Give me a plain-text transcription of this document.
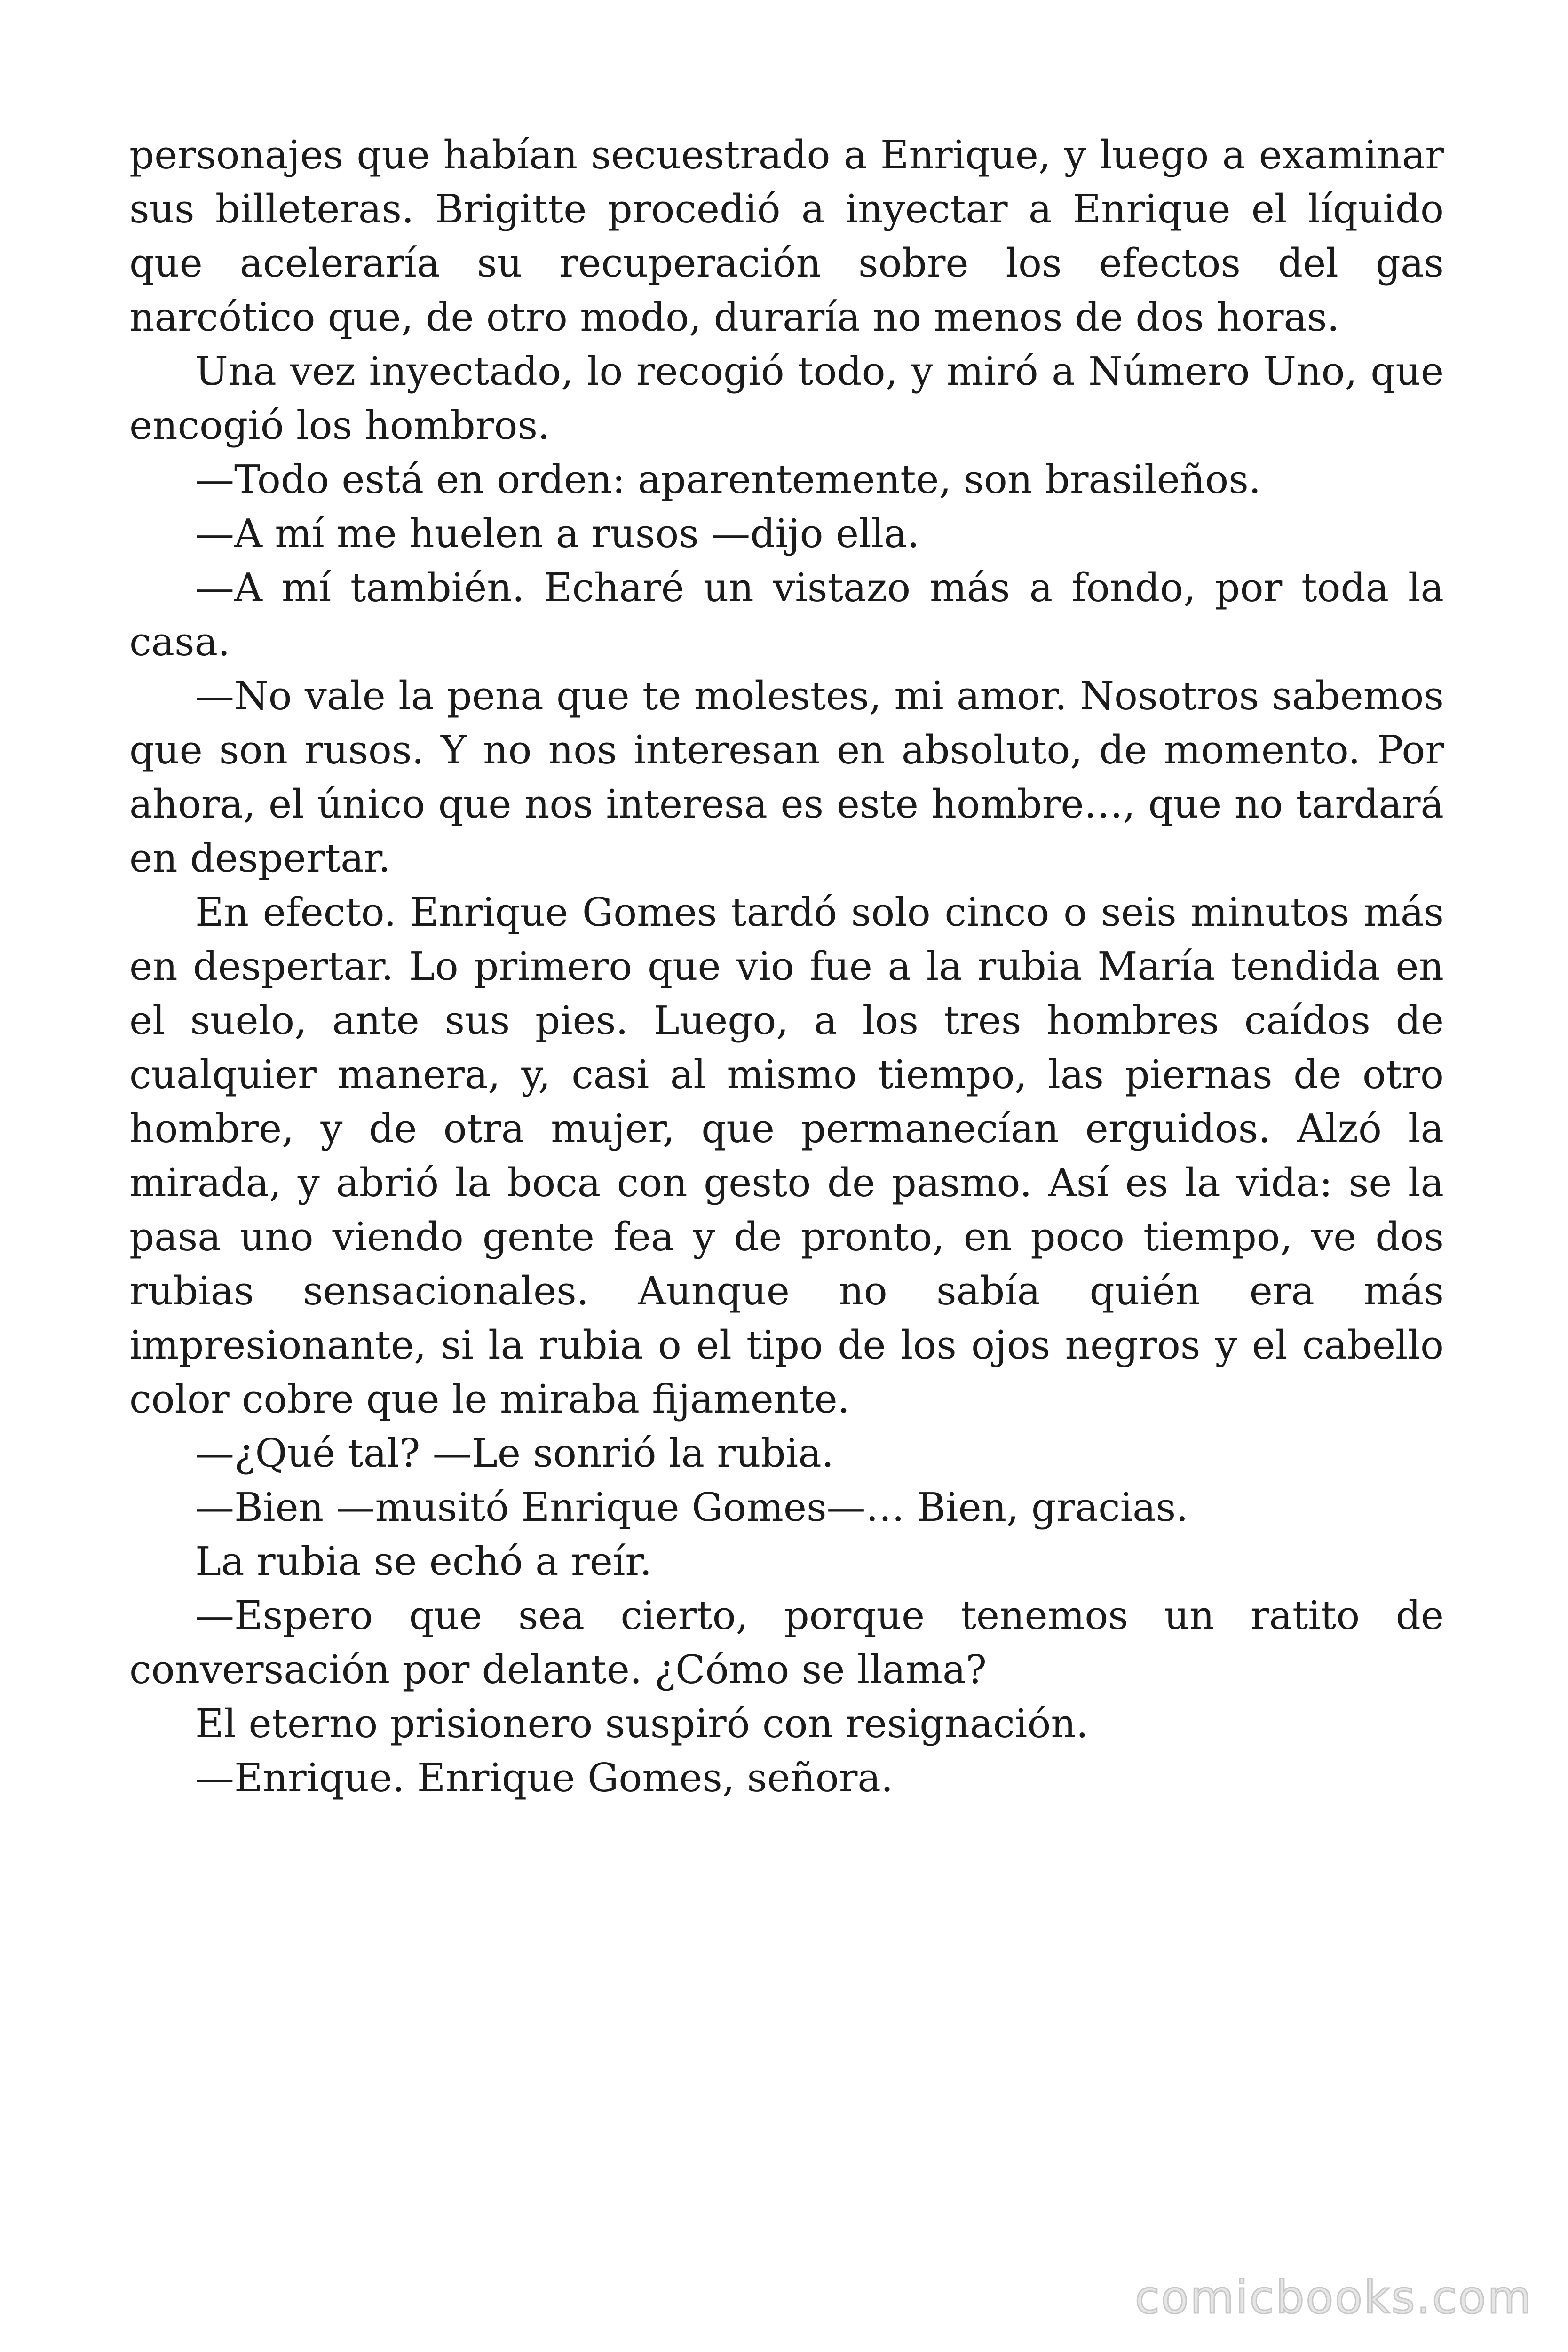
personajes que habían secuestrado a Enrique, y luego a examinar sus billeteras. Brigitte procedió a inyectar a Enrique el líquido que aceleraría su recuperación sobre los efectos del gas narcótico que, de otro modo, duraría no menos de dos horas.

Una vez inyectado, lo recogió todo, y miró a Número Uno, que encogió los hombros.

—Todo está en orden: aparentemente, son brasileños.

—A mí me huelen a rusos —dijo ella.

—A mí también. Echaré un vistazo más a fondo, por toda la casa.

—No vale la pena que te molestes, mi amor. Nosotros sabemos que son rusos. Y no nos interesan en absoluto, de momento. Por ahora, el único que nos interesa es este hombre…, que no tardará en despertar.

En efecto. Enrique Gomes tardó solo cinco o seis minutos más en despertar. Lo primero que vio fue a la rubia María tendida en el suelo, ante sus pies. Luego, a los tres hombres caídos de cualquier manera, y, casi al mismo tiempo, las piernas de otro hombre, y de otra mujer, que permanecían erguidos. Alzó la mirada, y abrió la boca con gesto de pasmo. Así es la vida: se la pasa uno viendo gente fea y de pronto, en poco tiempo, ve dos rubias sensacionales. Aunque no sabía quién era más impresionante, si la rubia o el tipo de los ojos negros y el cabello color cobre que le miraba fijamente.

—¿Qué tal? —Le sonrió la rubia.

—Bien —musitó Enrique Gomes—… Bien, gracias.

La rubia se echó a reír.

—Espero que sea cierto, porque tenemos un ratito de conversación por delante. ¿Cómo se llama?

El eterno prisionero suspiró con resignación.

—Enrique. Enrique Gomes, señora.

comicbooks.com
